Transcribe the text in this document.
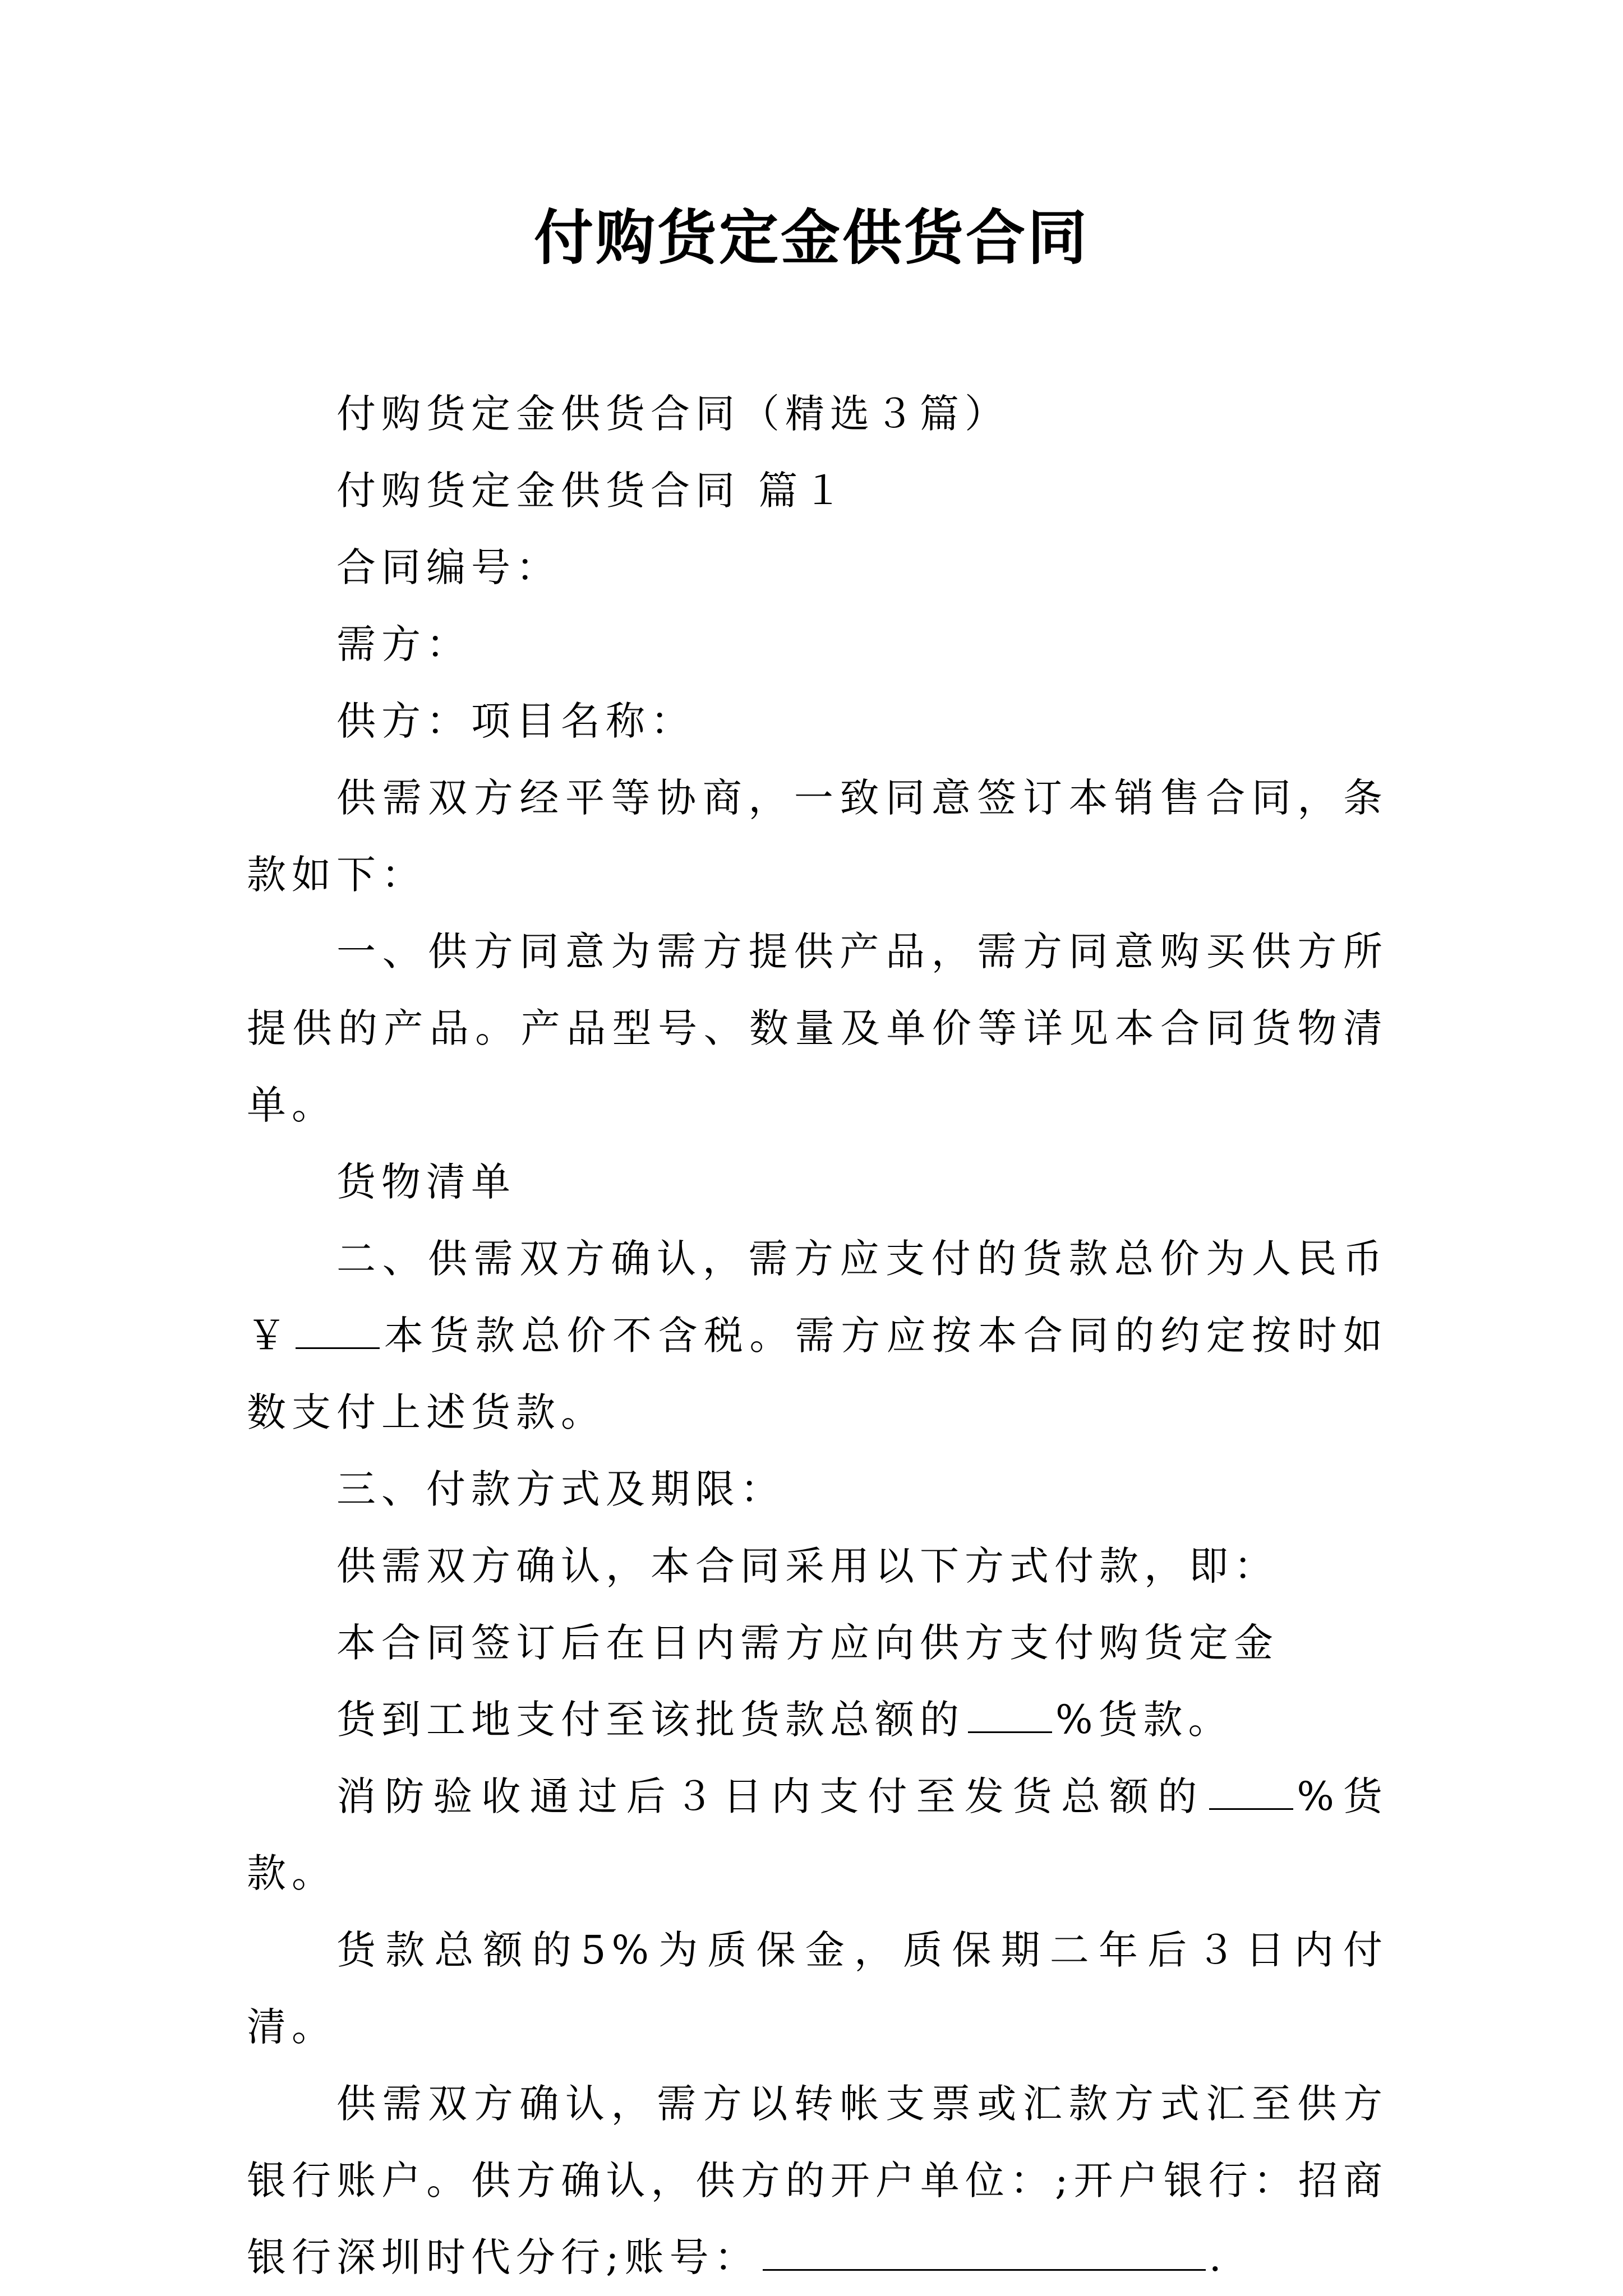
付购货定金供货合同

付购货定金供货合同（精选３篇）

付购货定金供货合同 篇１

合同编号：

需方：

供方：项目名称：

供需双方经平等协商，一致同意签订本销售合同，条款如下：

一、供方同意为需方提供产品，需方同意购买供方所提供的产品。产品型号、数量及单价等详见本合同货物清单。

货物清单

二、供需双方确认，需方应支付的货款总价为人民币￥ 本货款总价不含税。需方应按本合同的约定按时如数支付上述货款。

三、付款方式及期限：

供需双方确认，本合同采用以下方式付款，即：

本合同签订后在日内需方应向供方支付购货定金

货到工地支付至该批货款总额的 %货款。

消防验收通过后３日内支付至发货总额的 %货款。

货款总额的5%为质保金，质保期二年后３日内付清。

供需双方确认，需方以转帐支票或汇款方式汇至供方银行账户。供方确认，供方的开户单位：;开户银行：招商银行深圳时代分行;账号：	.
